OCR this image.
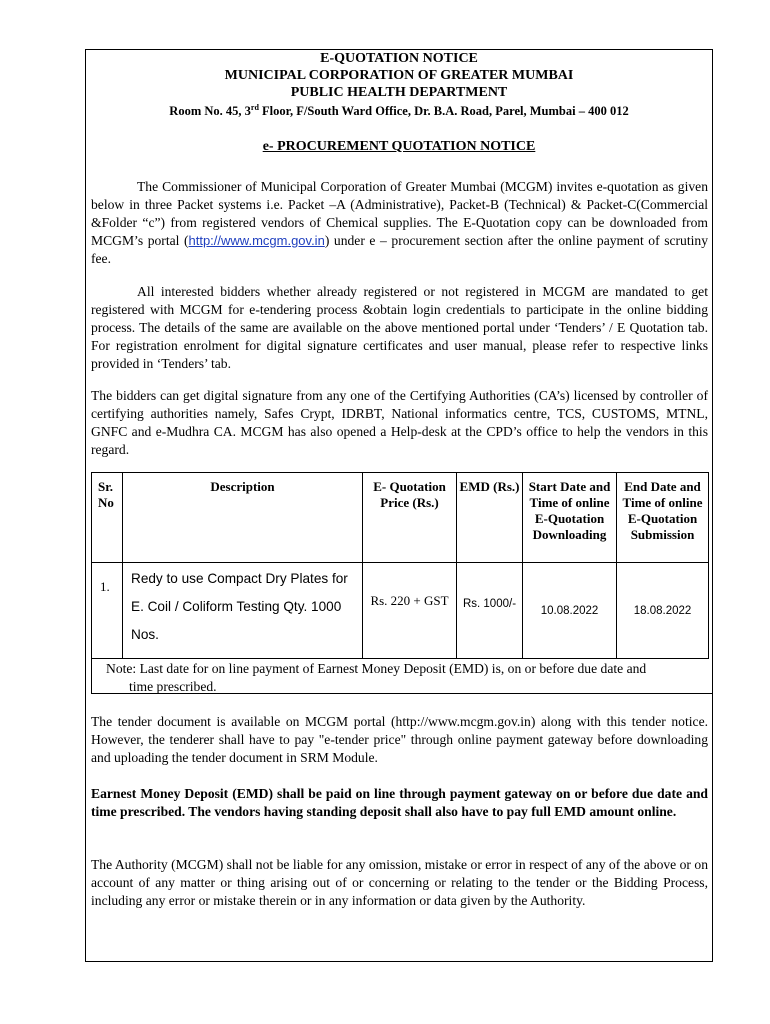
E-QUOTATION NOTICE
MUNICIPAL CORPORATION OF GREATER MUMBAI
PUBLIC HEALTH DEPARTMENT
Room No. 45, 3rd Floor, F/South Ward Office, Dr. B.A. Road, Parel, Mumbai – 400 012
e- PROCUREMENT QUOTATION NOTICE

The Commissioner of Municipal Corporation of Greater Mumbai (MCGM) invites e-quotation as given below in three Packet systems i.e. Packet –A (Administrative), Packet-B (Technical) & Packet-C(Commercial &Folder “c”) from registered vendors of Chemical supplies. The E-Quotation copy can be downloaded from MCGM’s portal (http://www.mcgm.gov.in) under e – procurement section after the online payment of scrutiny fee.

All interested bidders whether already registered or not registered in MCGM are mandated to get registered with MCGM for e-tendering process &obtain login credentials to participate in the online bidding process. The details of the same are available on the above mentioned portal under ‘Tenders’ / E Quotation tab. For registration enrolment for digital signature certificates and user manual, please refer to respective links provided in ‘Tenders’ tab.

The bidders can get digital signature from any one of the Certifying Authorities (CA’s) licensed by controller of certifying authorities namely, Safes Crypt, IDRBT, National informatics centre, TCS, CUSTOMS, MTNL, GNFC and e-Mudhra CA. MCGM has also opened a Help-desk at the CPD’s office to help the vendors in this regard.

Sr. No	Description	E- Quotation Price (Rs.)	EMD (Rs.)	Start Date and Time of online E-Quotation Downloading	End Date and Time of online E-Quotation Submission

1.	Redy to use Compact Dry Plates for E. Coil / Coliform Testing Qty. 1000 Nos.	Rs. 220 + GST	Rs. 1000/-	10.08.2022	18.08.2022
Note: Last date for on line payment of Earnest Money Deposit (EMD) is, on or before due date and
time prescribed.

The tender document is available on MCGM portal (http://www.mcgm.gov.in) along with this tender notice. However, the tenderer shall have to pay "e-tender price" through online payment gateway before downloading and uploading the tender document in SRM Module.

Earnest Money Deposit (EMD) shall be paid on line through payment gateway on or before due date and time prescribed. The vendors having standing deposit shall also have to pay full EMD amount online.

The Authority (MCGM) shall not be liable for any omission, mistake or error in respect of any of the above or on account of any matter or thing arising out of or concerning or relating to the tender or the Bidding Process, including any error or mistake therein or in any information or data given by the Authority.
